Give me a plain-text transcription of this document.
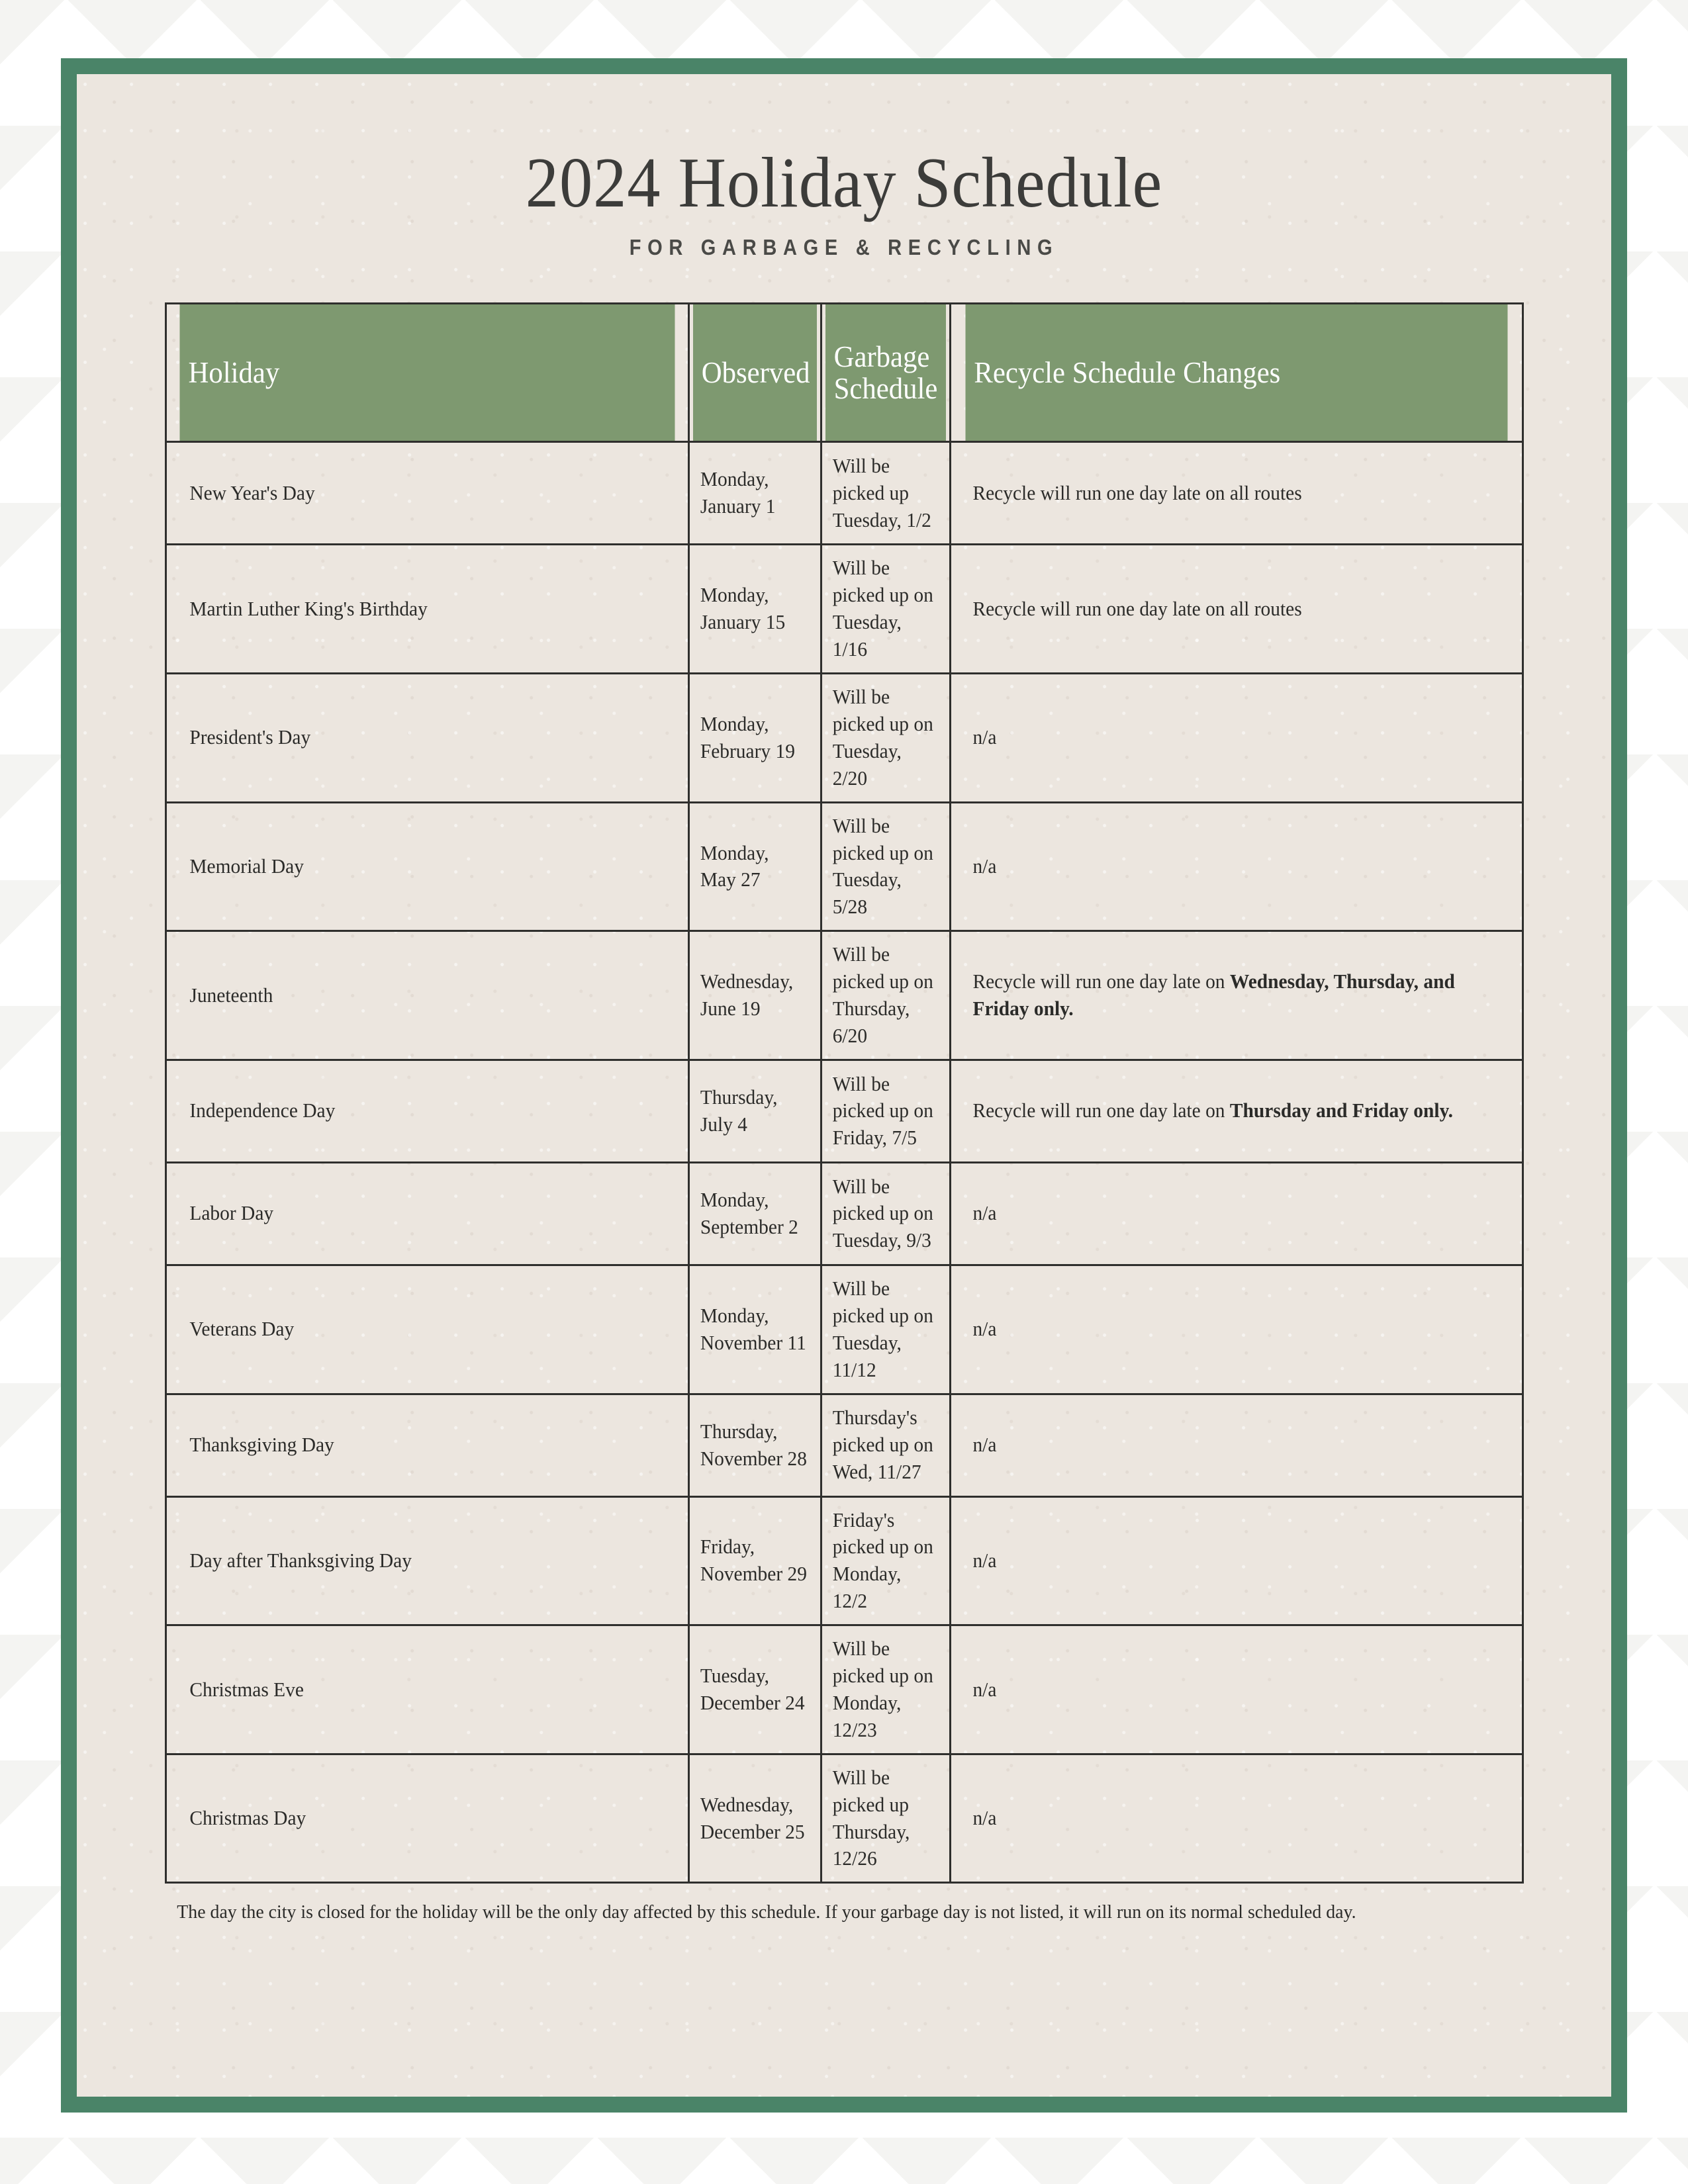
2024 Holiday Schedule
FOR GARBAGE & RECYCLING
Holiday	Observed	Garbage Schedule	Recycle Schedule Changes
New Year's Day	Monday, January 1	Will be picked up Tuesday, 1/2	Recycle will run one day late on all routes
Martin Luther King's Birthday	Monday, January 15	Will be picked up on Tuesday, 1/16	Recycle will run one day late on all routes
President's Day	Monday, February 19	Will be picked up on Tuesday, 2/20	n/a
Memorial Day	Monday, May 27	Will be picked up on Tuesday, 5/28	n/a
Juneteenth	Wednesday, June 19	Will be picked up on Thursday, 6/20	Recycle will run one day late on Wednesday, Thursday, and Friday only.
Independence Day	Thursday, July 4	Will be picked up on Friday, 7/5	Recycle will run one day late on Thursday and Friday only.
Labor Day	Monday, September 2	Will be picked up on Tuesday, 9/3	n/a
Veterans Day	Monday, November 11	Will be picked up on Tuesday, 11/12	n/a
Thanksgiving Day	Thursday, November 28	Thursday's picked up on Wed, 11/27	n/a
Day after Thanksgiving Day	Friday, November 29	Friday's picked up on Monday, 12/2	n/a
Christmas Eve	Tuesday, December 24	Will be picked up on Monday, 12/23	n/a
Christmas Day	Wednesday, December 25	Will be picked up Thursday, 12/26	n/a
The day the city is closed for the holiday will be the only day affected by this schedule. If your garbage day is not listed, it will run on its normal scheduled day.
